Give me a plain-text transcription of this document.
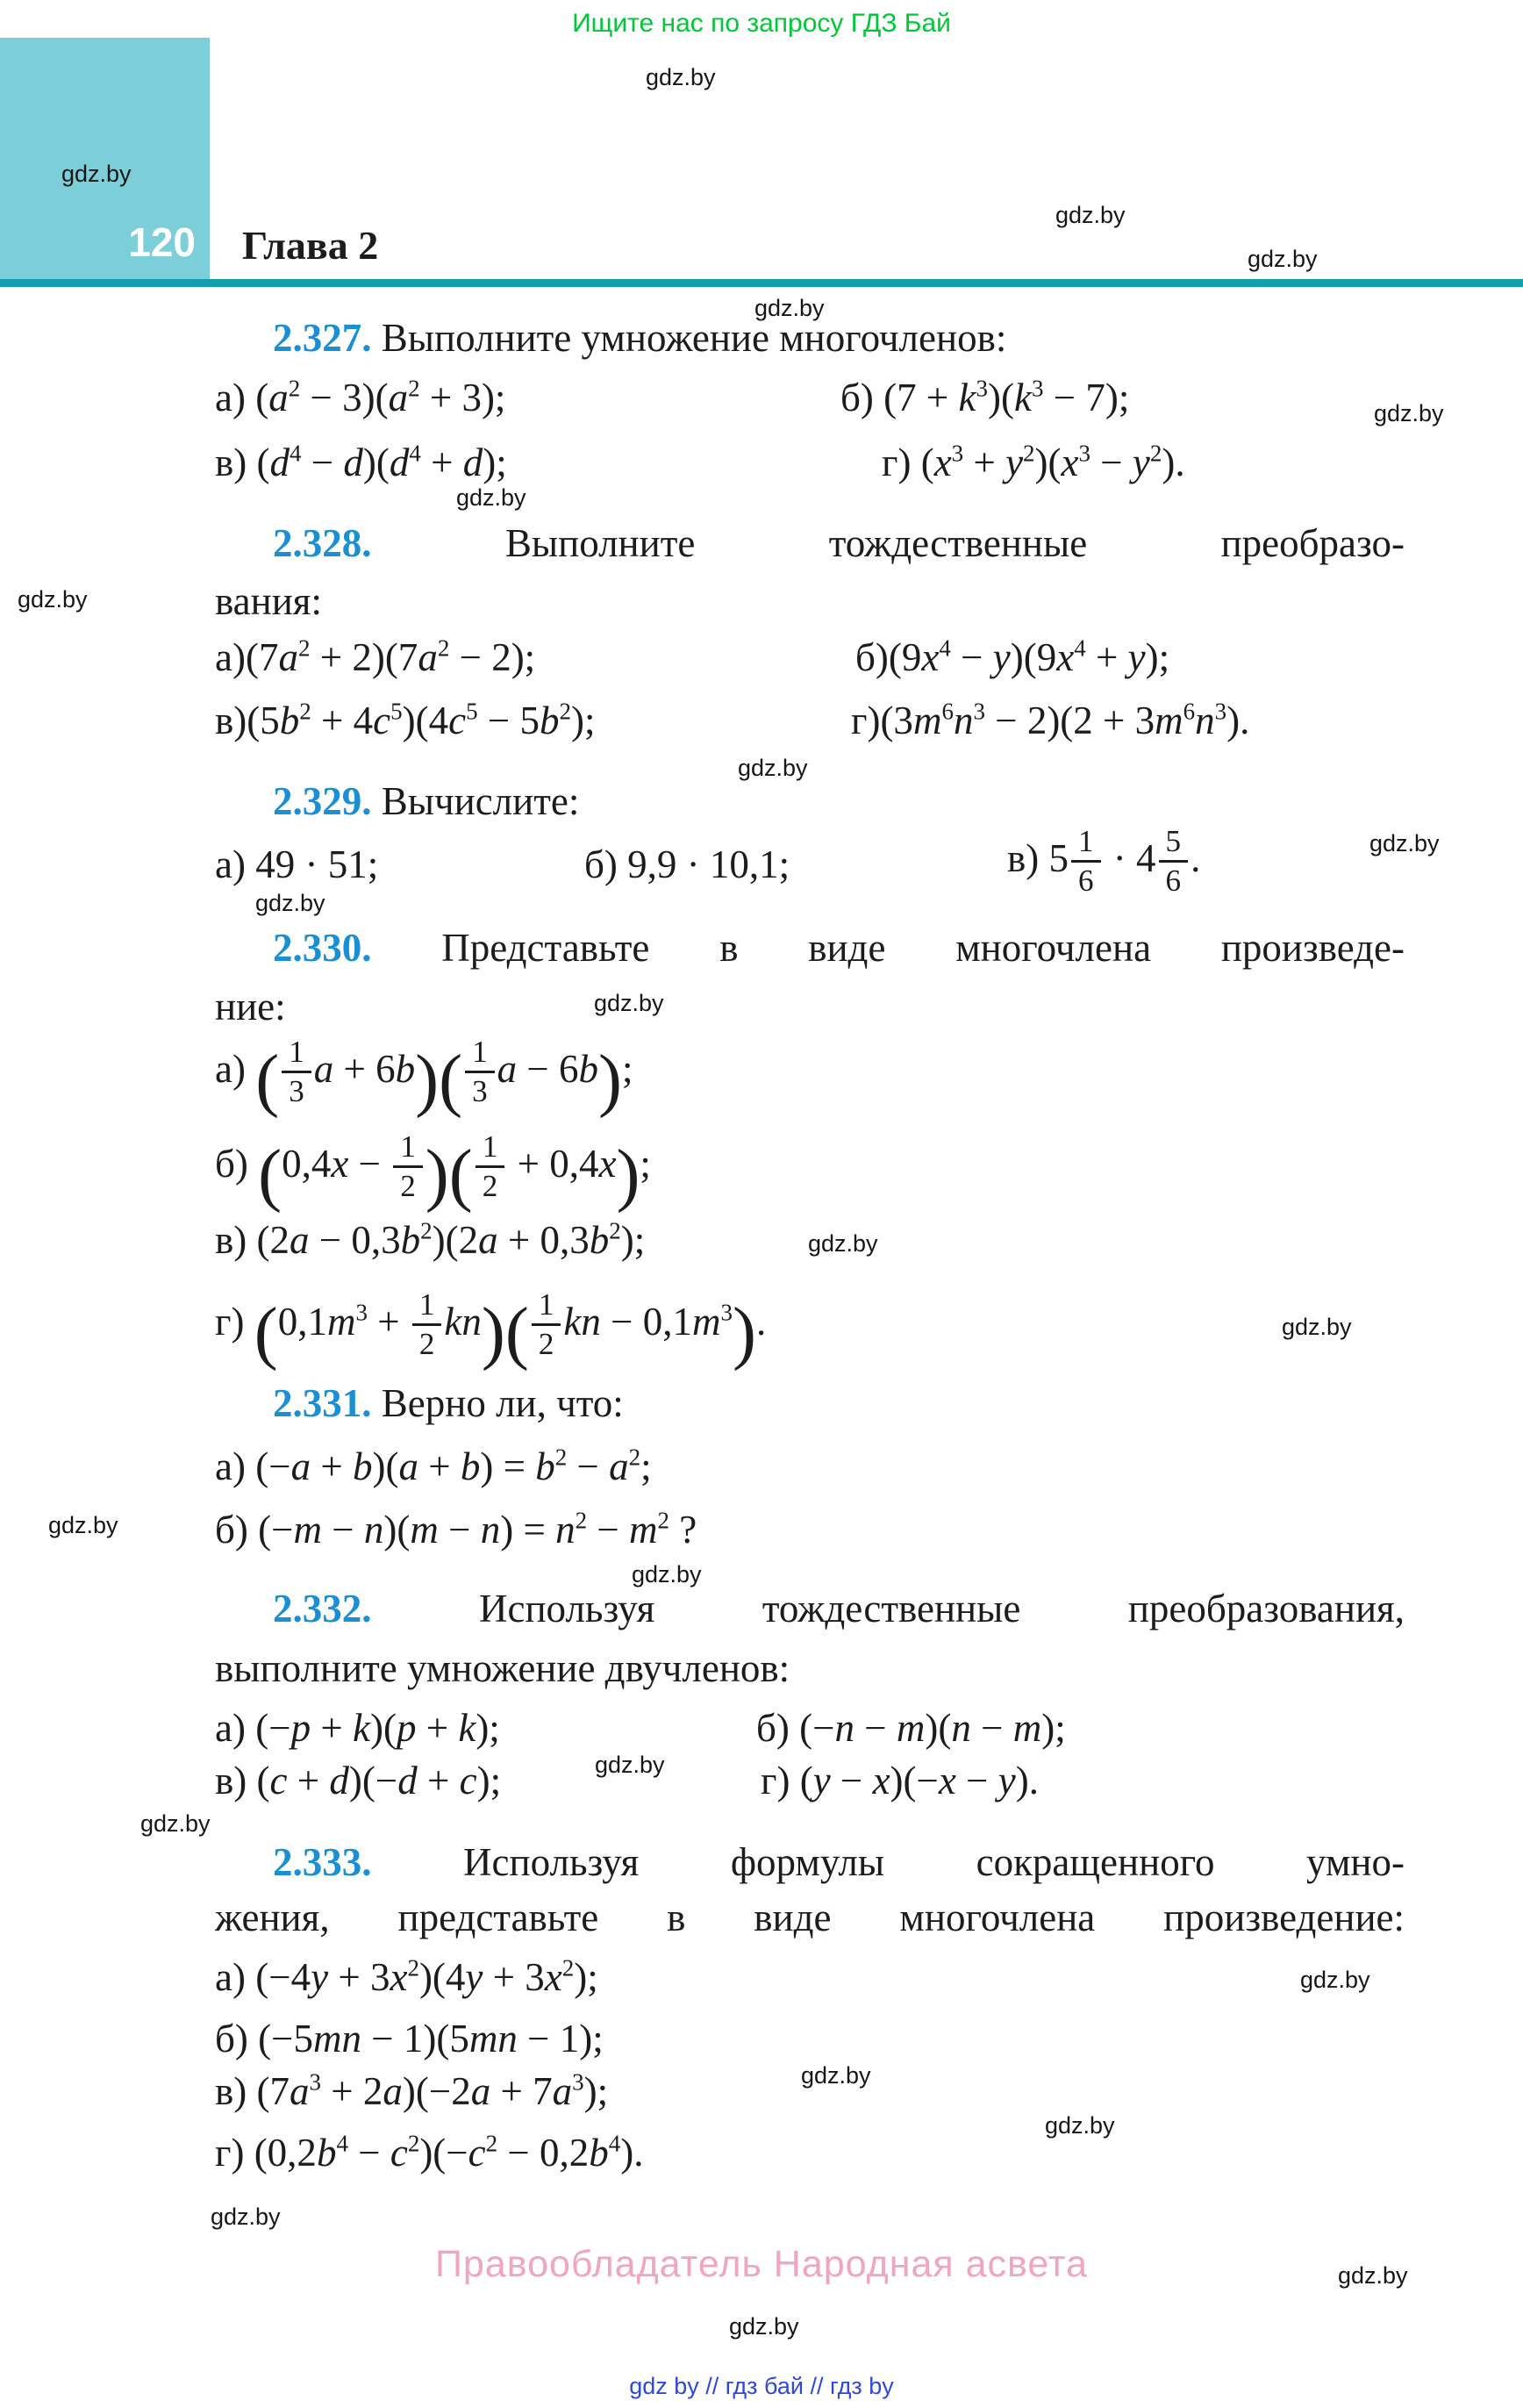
Ищите нас по запросу ГДЗ Бай
120 Глава 2
gdz.by
gdz.by
gdz.by
gdz.by
gdz.by
gdz.by
gdz.by
gdz.by
gdz.by
gdz.by
gdz.by
gdz.by
gdz.by
gdz.by
gdz.by
gdz.by
gdz.by
gdz.by
gdz.by
gdz.by
gdz.by
gdz.by
gdz.by
gdz.by
2.327. Выполните умножение многочленов:
а) $(a^2 - 3)(a^2 + 3)$;	б) $(7 + k^3)(k^3 - 7)$;
в) $(d^4 - d)(d^4 + d)$;	г) $(x^3 + y^2)(x^3 - y^2)$.
2.328.	Выполните тождественные преобразо-
вания:
$а)(7a^2 + 2)(7a^2 - 2)$;	$б)(9x^4 - y)(9x^4 + y)$;
$в)(5b^2 + 4c^5)(4c^5 - 5b^2)$;	$г)(3m^6n^3 - 2)(2 + 3m^6n^3)$.
2.329. Вычислите:
а) 49 · 51;	б) 9,9 · 10,1;	в) $5 \frac{1}{6} \cdot 4 \frac{5}{6}$ .
2.330. Представьте в виде многочлена произведе-
ние:
а) ( $\frac{1}{3}$ $a + 6b)( \frac{1}{3}$ a − 6b);
б) ($0,4x - \frac{1}{2}$ )( $\frac{1}{2} + 0,4x$);
в) $(2a - 0,3b^2)(2a + 0,3b^2)$;
г) $(0,1m^3 + \frac{1}{2} kn)( \frac{1}{2}$ kn − $0,1m^3$).
2.331. Верно ли, что:
а) $(-a + b)(a + b) = b^2 - a^2$;
б) $(-m - n)(m - n) = n^2 - m^2$ ?
2.332.	Используя тождественные преобразования,
выполните умножение двучленов:
а) (−p + k)(p + k);	б) (−n − m)(n − m);
в) (c + d)(−d + c);	г) (y − x)(−x − y).
2.333. Используя формулы сокращенного умно-
жения, представьте в виде многочлена произведение:
а) $(-4y + 3x^2)(4y + 3x^2)$;
б) (−5mn − 1)(5mn − 1);
в) $(7a^3 + 2a)(-2a + 7a^3)$;
г) $(0,2b^4 - c^2)(-c^2 - 0,2b^4)$.
Правообладатель Народная асвета
gdz by // гдз бай // гдз by
